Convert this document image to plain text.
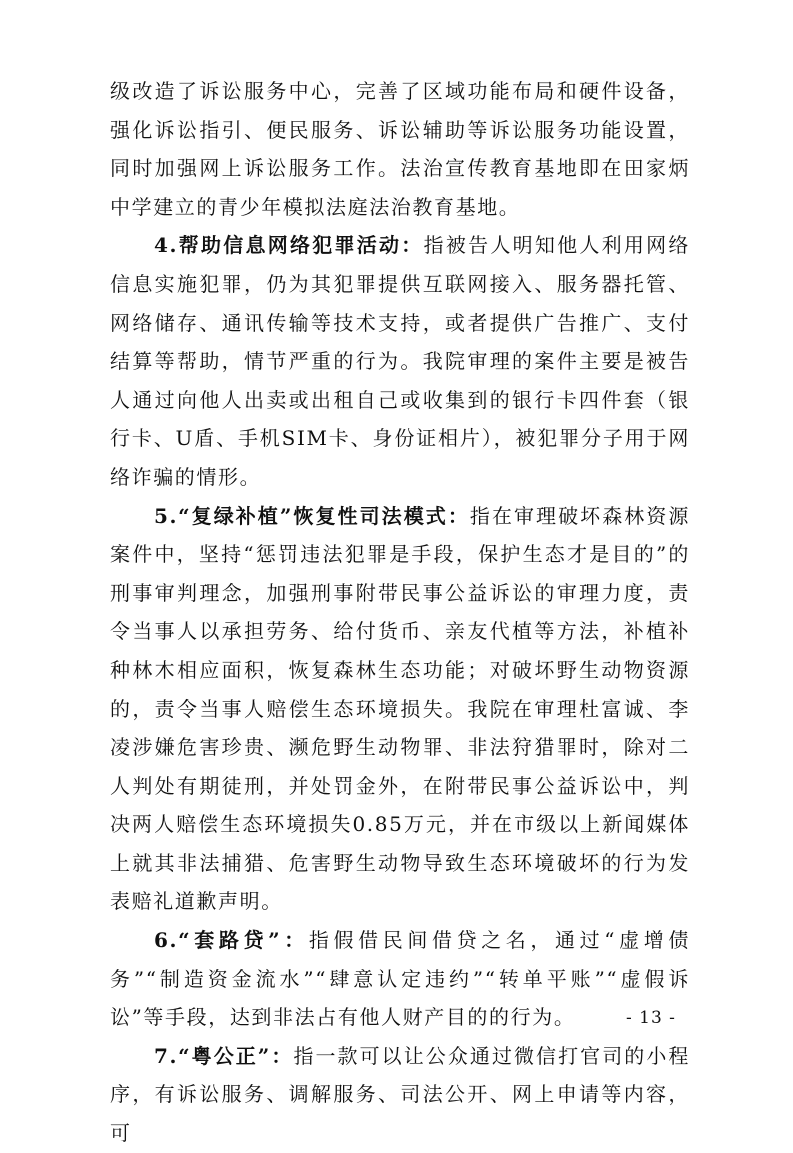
级改造了诉讼服务中心，完善了区域功能布局和硬件设备，强化诉讼指引、便民服务、诉讼辅助等诉讼服务功能设置，同时加强网上诉讼服务工作。法治宣传教育基地即在田家炳中学建立的青少年模拟法庭法治教育基地。

4.帮助信息网络犯罪活动：指被告人明知他人利用网络信息实施犯罪，仍为其犯罪提供互联网接入、服务器托管、网络储存、通讯传输等技术支持，或者提供广告推广、支付结算等帮助，情节严重的行为。我院审理的案件主要是被告人通过向他人出卖或出租自己或收集到的银行卡四件套（银行卡、U盾、手机SIM卡、身份证相片），被犯罪分子用于网络诈骗的情形。

5.“复绿补植”恢复性司法模式：指在审理破坏森林资源案件中，坚持“惩罚违法犯罪是手段，保护生态才是目的”的刑事审判理念，加强刑事附带民事公益诉讼的审理力度，责令当事人以承担劳务、给付货币、亲友代植等方法，补植补种林木相应面积，恢复森林生态功能；对破坏野生动物资源的，责令当事人赔偿生态环境损失。我院在审理杜富诚、李凌涉嫌危害珍贵、濒危野生动物罪、非法狩猎罪时，除对二人判处有期徒刑，并处罚金外，在附带民事公益诉讼中，判决两人赔偿生态环境损失0.85万元，并在市级以上新闻媒体上就其非法捕猎、危害野生动物导致生态环境破坏的行为发表赔礼道歉声明。

6.“套路贷”：指假借民间借贷之名，通过“虚增债务”“制造资金流水”“肆意认定违约”“转单平账”“虚假诉讼”等手段，达到非法占有他人财产目的的行为。

7.“粤公正”：指一款可以让公众通过微信打官司的小程序，有诉讼服务、调解服务、司法公开、网上申请等内容，可

- 13 -
